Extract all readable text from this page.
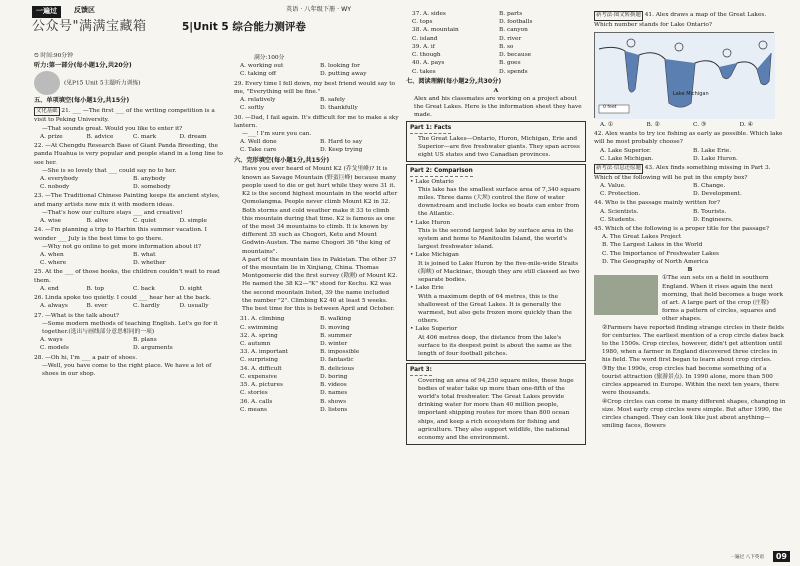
一遍过	反馈区	英语 · 八年级下册 · WY
公众号"满满宝藏箱	5|Unit 5 综合能力测评卷

⏲ 时间:90分钟

听力:第一部分(每小题1分,共20分)

(见P15 Unit 5主题听力训练)

五、单项填空(每小题1分,共15分)

文化基础 21. ___ —The first ___ of the writing competition is a visit to Peking University.

—That sounds great. Would you like to enter it?

A. prize	B. advice	C. mark	D. dream

22. —At Chengdu Research Base of Giant Panda Breeding, the panda Huahua is very popular and people stand in a long line to see her.

—She is so lovely that ___ could say no to her.

A. everybody	B. anybody
C. nobody	D. somebody

23. —The Traditional Chinese Painting keeps its ancient styles, and many artists now mix it with modern ideas.

—That's how our culture stays ___ and creative!

A. wise	B. alive	C. quiet	D. simple

24. —I'm planning a trip to Harbin this summer vacation. I wonder ___ July is the best time to go there.

—Why not go online to get more information about it?

A. when	B. what
C. where	D. whether

25. At the ___ of those books, the children couldn't wait to read them.

A. end	B. top	C. back	D. sight

26. Linda spoke too quietly. I could ___ hear her at the back.

A. always	B. ever	C. hardly	D. usually

27. —What is the talk about?

—Some modern methods of teaching English. Let's go for it together.(选出与画线部分意思相同的一项)

A. ways	B. plans
C. models	D. arguments

28. —Oh hi, I'm ___ a pair of shoes.

—Well, you have come to the right place. We have a lot of shoes in our shop.

满分:100分

A. working out	B. looking for
C. taking off	D. putting away

29. Every time I fell down, my best friend would say to me, "Everything will be fine."

A. relatively	B. safely
C. softly	D. thankfully

30. —Dad, I fail again. It's difficult for me to make a sky lantern.

—___! I'm sure you can.

A. Well done	B. Hard to say
C. Take care	D. Keep trying

六、完形填空(每小题1分,共15分)

Have you ever heard of Mount K2 (乔戈里峰)? It is known as Savage Mountain (野蛮巨峰) because many people used to die or get hurt while they were 31 it.

K2 is the second highest mountain in the world after Qomolangma. People never climb Mount K2 in 32. Both storms and cold weather make it 33 to climb this mountain during that time. K2 is famous as one of the most 34 mountains to climb. It is known by different 35 such as Chogori, Ketu and Mount Godwin-Austen. The name Chogori 36 "the king of mountains".

A part of the mountain lies in Pakistan. The other 37 of the mountain lie in Xinjiang, China. Thomas Montgomerie did the first survey (勘测) of Mount K2. He named the 38 K2—"K" stood for Kechu. K2 was the second mountain listed, 39 the name included the number "2". Climbing K2 40 at least 5 weeks. The best time for this is between April and October.

31. A. climbing	B. walking
C. swimming	D. moving
32. A. spring	B. summer
C. autumn	D. winter
33. A. important	B. impossible
C. surprising	D. fantastic
34. A. difficult	B. delicious
C. expensive	D. boring
35. A. pictures	B. videos
C. stories	D. names
36. A. calls	B. shows
C. means	D. listens
37. A. sides	B. parts
C. tops	D. footballs
38. A. mountain	B. canyon
C. island	D. river
39. A. if	B. so
C. though	D. because
40. A. pays	B. goes
C. takes	D. spends

七、阅读理解(每小题2分,共30分)

A

Alex and his classmates are working on a project about the Great Lakes. Here is the information sheet they have made.

Part 1: Facts

The Great Lakes—Ontario, Huron, Michigan, Erie and Superior—are five freshwater giants. They span across eight US states and two Canadian provinces.

Part 2: Comparison

• Lake Ontario

This lake has the smallest surface area of 7,340 square miles. Three dams (大坝) control the flow of water downstream and include locks so boats can enter from the Atlantic.

• Lake Huron

This is the second largest lake by surface area in the system and home to Manitoulin Island, the world's largest freshwater island.

• Lake Michigan

It is joined to Lake Huron by the five-mile-wide Straits (海峡) of Mackinac, though they are still classed as two separate bodies.

• Lake Erie

With a maximum depth of 64 metres, this is the shallowest of the Great Lakes. It is generally the warmest, but also gets frozen more quickly than the others.

• Lake Superior

At 406 metres deep, the distance from the lake's surface to its deepest point is about the same as the length of four football pitches.

Part 3:

Covering an area of 94,250 square miles, these huge bodies of water take up more than one-fifth of the world's total freshwater. The Great Lakes provide drinking water for more than 40 million people, important shipping routes for more than 800 ocean ships, and keep a rich ecosystem for fishing and agriculture. They also support wildlife, the national economy and the environment.

新考法·图文转换题 41. Alex draws a map of the Great Lakes. Which number stands for Lake Ontario?

Lake Michigan
0 feet
A. ①	B. ②	C. ③	D. ④

42. Alex wants to try ice fishing as early as possible. Which lake will he most probably choose?

A. Lake Superior.	B. Lake Erie.
C. Lake Michigan.	D. Lake Huron.

新考法·信息还原题 43. Alex finds something missing in Part 3. Which of the following will he put in the empty box?

A. Value.	B. Change.
C. Protection.	D. Development.

44. Who is the passage mainly written for?

A. Scientists.	B. Tourists.
C. Students.	D. Engineers.

45. Which of the following is a proper title for the passage?

A. The Great Lakes Project

B. The Largest Lakes in the World

C. The Importance of Freshwater Lakes

D. The Geography of North America

B

①The sun sets on a field in southern England. When it rises again the next morning, that field becomes a huge work of art. A large part of the crop (庄稼) forms a pattern of circles, squares and other shapes.

②Farmers have reported finding strange circles in their fields for centuries. The earliest mention of a crop circle dates back to the 1500s. Crop circles, however, didn't get attention until 1980, when a farmer in England discovered three circles in his field. The word first began to learn about crop circles.

③By the 1990s, crop circles had become something of a tourist attraction (旅游景点). In 1990 alone, more than 500 circles appeared in Europe. Within the next ten years, there were thousands.

④Crop circles can come in many different shapes, changing in size. Most early crop circles were simple. But after 1990, the circles changed. They can look like just about anything—smiling faces, flowers

一遍过 八下英语	09
